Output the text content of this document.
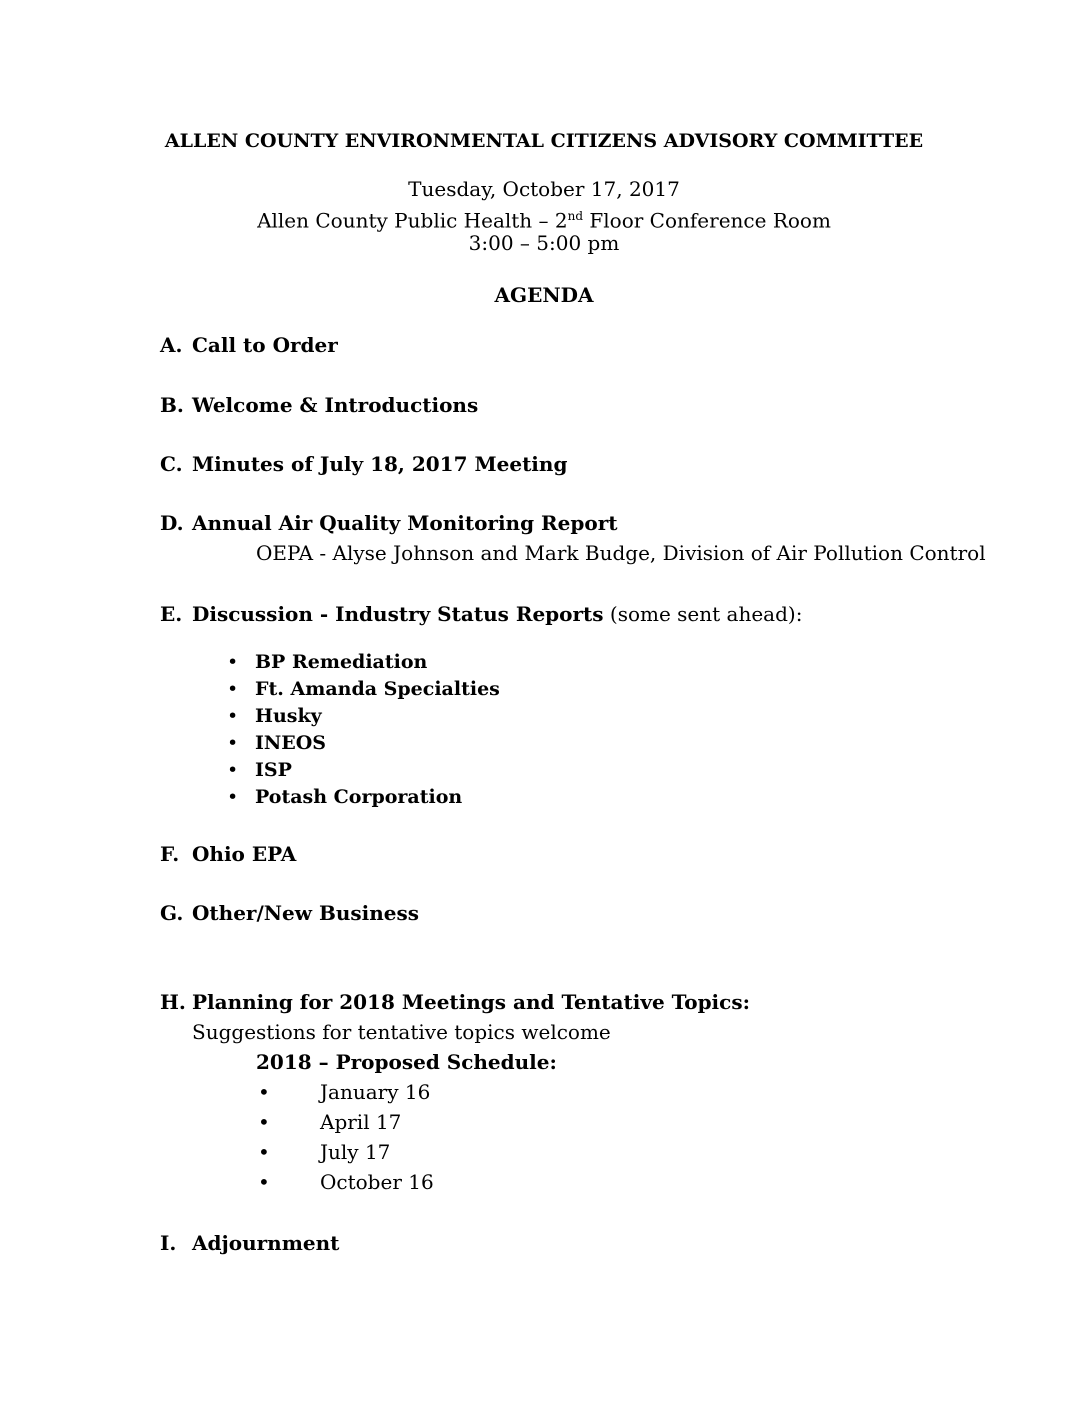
ALLEN COUNTY ENVIRONMENTAL CITIZENS ADVISORY COMMITTEE
Tuesday, October 17, 2017
Allen County Public Health – 2nd Floor Conference Room
3:00 – 5:00 pm
AGENDA
A. Call to Order
B. Welcome & Introductions
C. Minutes of July 18, 2017 Meeting
D. Annual Air Quality Monitoring Report
OEPA - Alyse Johnson and Mark Budge, Division of Air Pollution Control
E. Discussion - Industry Status Reports (some sent ahead):
• BP Remediation
• Ft. Amanda Specialties
• Husky
• INEOS
• ISP
• Potash Corporation
F. Ohio EPA
G. Other/New Business
H. Planning for 2018 Meetings and Tentative Topics:
Suggestions for tentative topics welcome
2018 – Proposed Schedule:
•	January 16
•	April 17
•	July 17
•	October 16
I. Adjournment
